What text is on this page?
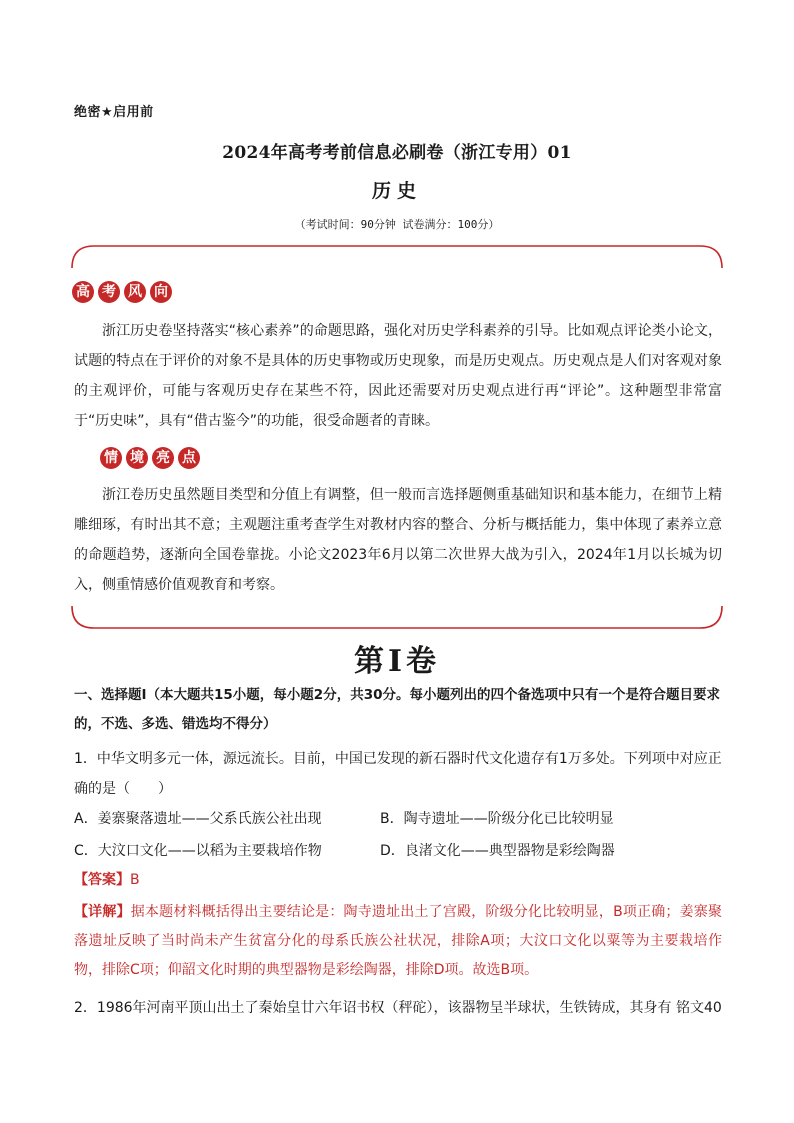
绝密★启用前
2024年高考考前信息必刷卷（浙江专用）01
历史
（考试时间：90分钟 试卷满分：100分）
高 考 风 向

浙江历史卷坚持落实“核心素养”的命题思路，强化对历史学科素养的引导。比如观点评论类小论文，试题的特点在于评价的对象不是具体的历史事物或历史现象，而是历史观点。历史观点是人们对客观对象的主观评价，可能与客观历史存在某些不符，因此还需要对历史观点进行再“评论”。这种题型非常富于“历史味”，具有“借古鉴今”的功能，很受命题者的青睐。

情 境 亮 点

浙江卷历史虽然题目类型和分值上有调整，但一般而言选择题侧重基础知识和基本能力，在细节上精雕细琢，有时出其不意；主观题注重考查学生对教材内容的整合、分析与概括能力，集中体现了素养立意的命题趋势，逐渐向全国卷靠拢。小论文2023年6月以第二次世界大战为引入，2024年1月以长城为切入，侧重情感价值观教育和考察。

第I卷
一、选择题I（本大题共15小题，每小题2分，共30分。每小题列出的四个备选项中只有一个是符合题目要求的，不选、多选、错选均不得分）
1．中华文明多元一体，源远流长。目前，中国已发现的新石器时代文化遗存有1万多处。下列项中对应正确的是（　　）
A．姜寨聚落遗址——父系氏族公社出现	B．陶寺遗址——阶级分化已比较明显
C．大汶口文化——以稻为主要栽培作物	D．良渚文化——典型器物是彩绘陶器
【答案】B
【详解】据本题材料概括得出主要结论是：陶寺遗址出土了宫殿，阶级分化比较明显，B项正确；姜寨聚落遗址反映了当时尚未产生贫富分化的母系氏族公社状况，排除A项；大汶口文化以粟等为主要栽培作物，排除C项；仰韶文化时期的典型器物是彩绘陶器，排除D项。故选B项。
2．1986年河南平顶山出土了秦始皇廿六年诏书权（秤砣），该器物呈半球状，生铁铸成，其身有 铭文40
